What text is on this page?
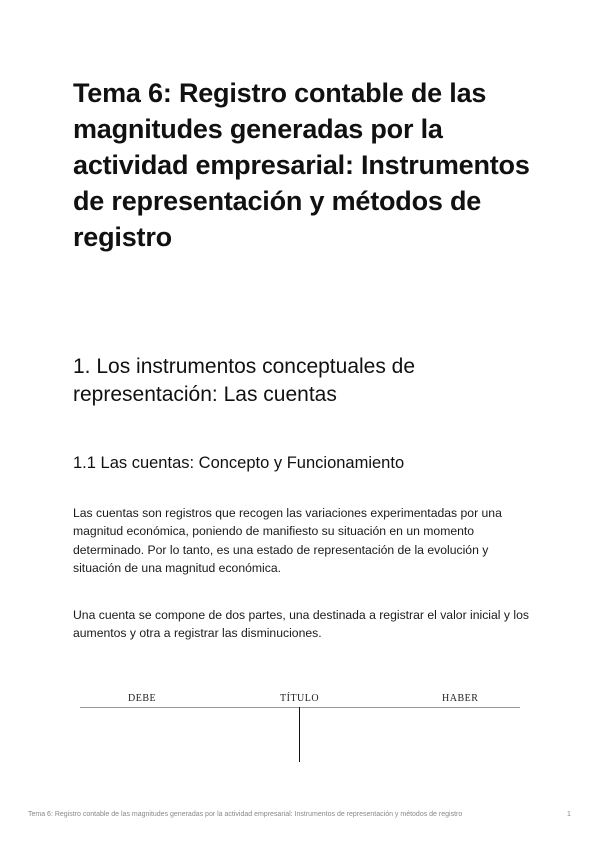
Tema 6: Registro contable de las magnitudes generadas por la actividad empresarial: Instrumentos de representación y métodos de registro
1. Los instrumentos conceptuales de representación: Las cuentas
1.1 Las cuentas: Concepto y Funcionamiento

Las cuentas son registros que recogen las variaciones experimentadas por una magnitud económica, poniendo de manifiesto su situación en un momento determinado. Por lo tanto, es una estado de representación de la evolución y situación de una magnitud económica.

Una cuenta se compone de dos partes, una destinada a registrar el valor inicial y los aumentos y otra a registrar las disminuciones.

DEBE	TÍTULO	HABER

Tema 6: Registro contable de las magnitudes generadas por la actividad empresarial: Instrumentos de representación y métodos de registro	1
